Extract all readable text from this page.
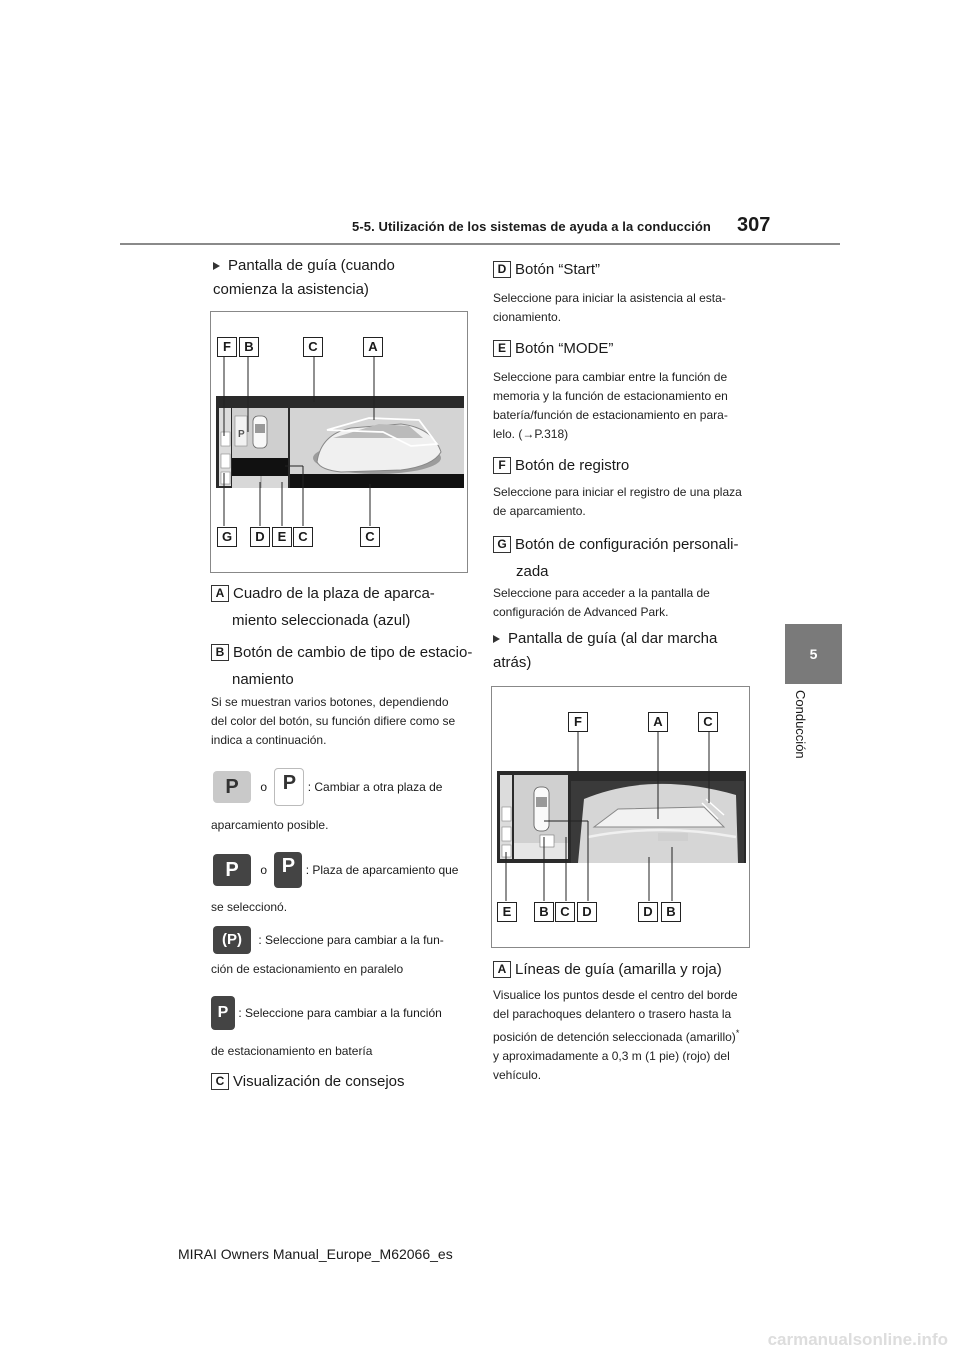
5-5. Utilización de los sistemas de ayuda a la conducción 307
5
Conducción
Pantalla de guía (cuando comienza la asistencia)
P
F	B	C	A
G	D E C	C
A Cuadro de la plaza de aparca-
miento seleccionada (azul)
B Botón de cambio de tipo de estacio-
namiento
Si se muestran varios botones, dependiendo del color del botón, su función difiere como se indica a continuación.
P o P : Cambiar a otra plaza de
aparcamiento posible.
P o P : Plaza de aparcamiento que
se seleccionó.
(P) : Seleccione para cambiar a la fun-
ción de estacionamiento en paralelo
P : Seleccione para cambiar a la función
de estacionamiento en batería
C Visualización de consejos
D Botón “Start”
Seleccione para iniciar la asistencia al esta- cionamiento.
E Botón “MODE”
Seleccione para cambiar entre la función de memoria y la función de estacionamiento en batería/función de estacionamiento en para- lelo. (→P.318)
F Botón de registro
Seleccione para iniciar el registro de una plaza de aparcamiento.
G Botón de configuración personali-
zada
Seleccione para acceder a la pantalla de configuración de Advanced Park.
Pantalla de guía (al dar marcha atrás)
F	A	C
E	B C D	D	B
A Líneas de guía (amarilla y roja)
Visualice los puntos desde el centro del borde del parachoques delantero o trasero hasta la posición de detención seleccionada (amarillo)* y aproximadamente a 0,3 m (1 pie) (rojo) del vehículo.
MIRAI Owners Manual_Europe_M62066_es
carmanualsonline.info
